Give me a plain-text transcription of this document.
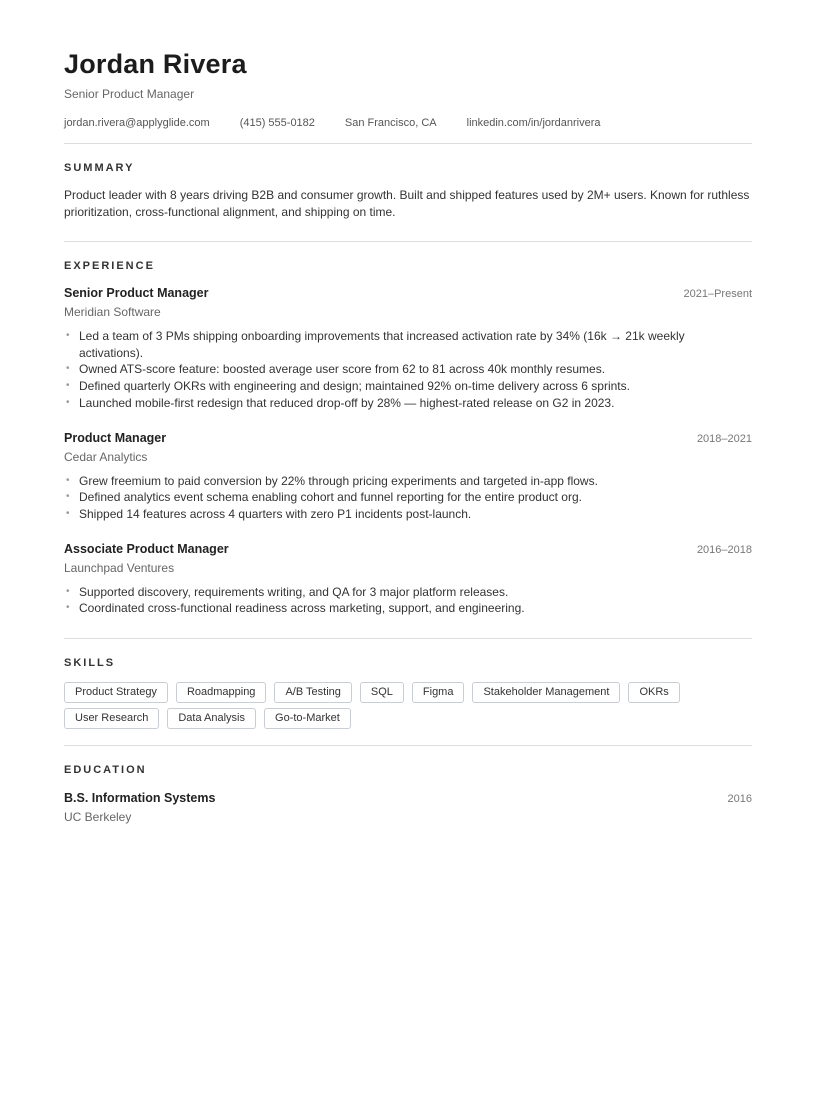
Jordan Rivera
Senior Product Manager
jordan.rivera@applyglide.com	(415) 555-0182	San Francisco, CA	linkedin.com/in/jordanrivera
SUMMARY

Product leader with 8 years driving B2B and consumer growth. Built and shipped features used by 2M+ users. Known for ruthless prioritization, cross-functional alignment, and shipping on time.

EXPERIENCE
Senior Product Manager	2021–Present
Meridian Software
• Led a team of 3 PMs shipping onboarding improvements that increased activation rate by 34% (16k → 21k weekly activations).
• Owned ATS-score feature: boosted average user score from 62 to 81 across 40k monthly resumes.
• Defined quarterly OKRs with engineering and design; maintained 92% on-time delivery across 6 sprints.
• Launched mobile-first redesign that reduced drop-off by 28% — highest-rated release on G2 in 2023.
Product Manager	2018–2021
Cedar Analytics
• Grew freemium to paid conversion by 22% through pricing experiments and targeted in-app flows.
• Defined analytics event schema enabling cohort and funnel reporting for the entire product org.
• Shipped 14 features across 4 quarters with zero P1 incidents post-launch.
Associate Product Manager	2016–2018
Launchpad Ventures
• Supported discovery, requirements writing, and QA for 3 major platform releases.
• Coordinated cross-functional readiness across marketing, support, and engineering.
SKILLS
Product Strategy	Roadmapping	A/B Testing	SQL	Figma	Stakeholder Management	OKRs
User Research	Data Analysis	Go-to-Market
EDUCATION
B.S. Information Systems	2016
UC Berkeley
